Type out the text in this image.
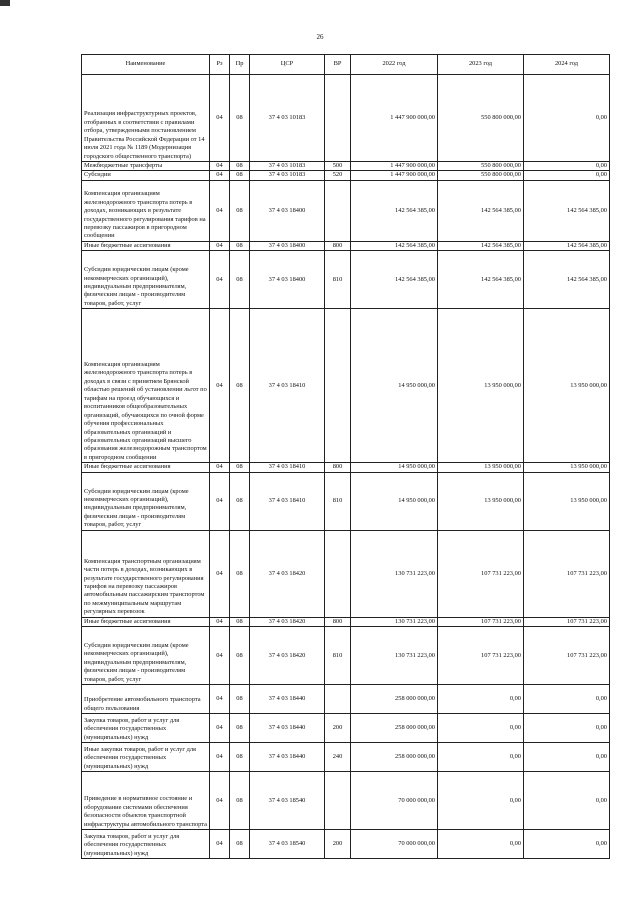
26
Наименование	Рз	Пр	ЦСР	ВР	2022 год	2023 год	2024 год
Реализация инфраструктурных проектов, отобранных в соответствии с правилами отбора, утвержденными постановлением Правительства Российской Федерации от 14 июля 2021 года № 1189 (Модернизация городского общественного транспорта)	04	08	37 4 03 10183		1 447 900 000,00	550 800 000,00	0,00
Межбюджетные трансферты	04	08	37 4 03 10183	500	1 447 900 000,00	550 800 000,00	0,00
Субсидии	04	08	37 4 03 10183	520	1 447 900 000,00	550 800 000,00	0,00
Компенсация организациям железнодорожного транспорта потерь в доходах, возникающих в результате государственного регулирования тарифов на перевозку пассажиров в пригородном сообщении	04	08	37 4 03 18400		142 564 385,00	142 564 385,00	142 564 385,00
Иные бюджетные ассигнования	04	08	37 4 03 18400	800	142 564 385,00	142 564 385,00	142 564 385,00
Субсидии юридическим лицам (кроме некоммерческих организаций), индивидуальным предпринимателям, физическим лицам - производителям товаров, работ, услуг	04	08	37 4 03 18400	810	142 564 385,00	142 564 385,00	142 564 385,00
Компенсация организациям железнодорожного транспорта потерь в доходах в связи с принятием Брянской областью решений об установлении льгот по тарифам на проезд обучающихся и воспитанников общеобразовательных организаций, обучающихся по очной форме обучения профессиональных образовательных организаций и образовательных организаций высшего образования железнодорожным транспортом в пригородном сообщении	04	08	37 4 03 18410		14 950 000,00	13 950 000,00	13 950 000,00
Иные бюджетные ассигнования	04	08	37 4 03 18410	800	14 950 000,00	13 950 000,00	13 950 000,00
Субсидии юридическим лицам (кроме некоммерческих организаций), индивидуальным предпринимателям, физическим лицам - производителям товаров, работ, услуг	04	08	37 4 03 18410	810	14 950 000,00	13 950 000,00	13 950 000,00
Компенсация транспортным организациям части потерь в доходах, возникающих в результате государственного регулирования тарифов на перевозку пассажиров автомобильным пассажирским транспортом по межмуниципальным маршрутам регулярных перевозок	04	08	37 4 03 18420		130 731 223,00	107 731 223,00	107 731 223,00
Иные бюджетные ассигнования	04	08	37 4 03 18420	800	130 731 223,00	107 731 223,00	107 731 223,00
Субсидии юридическим лицам (кроме некоммерческих организаций), индивидуальным предпринимателям, физическим лицам - производителям товаров, работ, услуг	04	08	37 4 03 18420	810	130 731 223,00	107 731 223,00	107 731 223,00
Приобретение автомобильного транспорта общего пользования	04	08	37 4 03 18440		258 000 000,00	0,00	0,00
Закупка товаров, работ и услуг для обеспечения государственных (муниципальных) нужд	04	08	37 4 03 18440	200	258 000 000,00	0,00	0,00
Иные закупки товаров, работ и услуг для обеспечения государственных (муниципальных) нужд	04	08	37 4 03 18440	240	258 000 000,00	0,00	0,00
Приведение в нормативное состояние и оборудование системами обеспечения безопасности объектов транспортной инфраструктуры автомобильного транспорта	04	08	37 4 03 18540		70 000 000,00	0,00	0,00
Закупка товаров, работ и услуг для обеспечения государственных (муниципальных) нужд	04	08	37 4 03 18540	200	70 000 000,00	0,00	0,00
